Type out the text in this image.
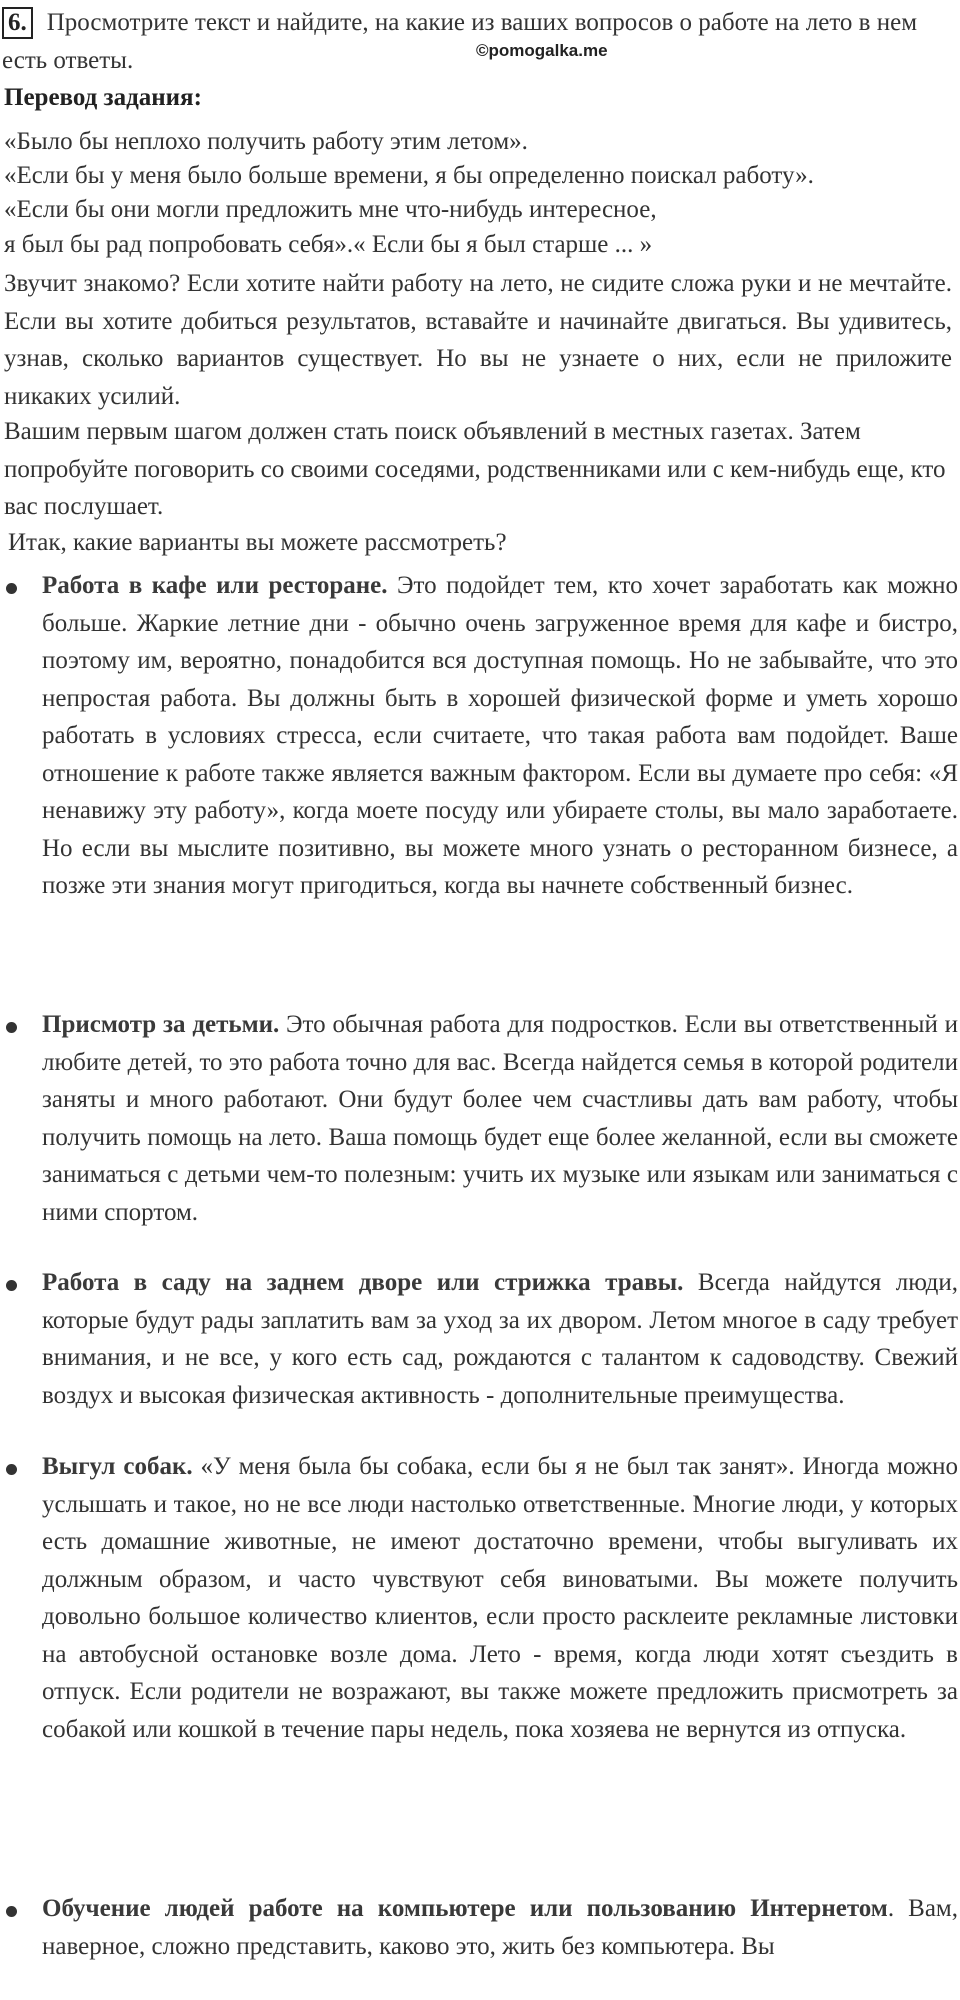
6. Просмотрите текст и найдите, на какие из ваших вопросов о работе на лето в нем есть ответы.	©pomogalka.me
Перевод задания:
«Было бы неплохо получить работу этим летом».
«Если бы у меня было больше времени, я бы определенно поискал работу».
«Если бы они могли предложить мне что-нибудь интересное,
я был бы рад попробовать себя».« Если бы я был старше ... »
Звучит знакомо? Если хотите найти работу на лето, не сидите сложа руки и не мечтайте. Если вы хотите добиться результатов, вставайте и начинайте двигаться. Вы удивитесь, узнав, сколько вариантов существует. Но вы не узнаете о них, если не приложите никаких усилий.
Вашим первым шагом должен стать поиск объявлений в местных газетах. Затем попробуйте поговорить со своими соседями, родственниками или с кем-нибудь еще, кто вас послушает.
Итак, какие варианты вы можете рассмотреть?
Работа в кафе или ресторане. Это подойдет тем, кто хочет заработать как можно больше. Жаркие летние дни - обычно очень загруженное время для кафе и бистро, поэтому им, вероятно, понадобится вся доступная помощь. Но не забывайте, что это непростая работа. Вы должны быть в хорошей физической форме и уметь хорошо работать в условиях стресса, если считаете, что такая работа вам подойдет. Ваше отношение к работе также является важным фактором. Если вы думаете про себя: «Я ненавижу эту работу», когда моете посуду или убираете столы, вы мало заработаете. Но если вы мыслите позитивно, вы можете много узнать о ресторанном бизнесе, а позже эти знания могут пригодиться, когда вы начнете собственный бизнес.
Присмотр за детьми. Это обычная работа для подростков. Если вы ответственный и любите детей, то это работа точно для вас. Всегда найдется семья в которой родители заняты и много работают. Они будут более чем счастливы дать вам работу, чтобы получить помощь на лето. Ваша помощь будет еще более желанной, если вы сможете заниматься с детьми чем-то полезным: учить их музыке или языкам или заниматься с ними спортом.
Работа в саду на заднем дворе или стрижка травы. Всегда найдутся люди, которые будут рады заплатить вам за уход за их двором. Летом многое в саду требует внимания, и не все, у кого есть сад, рождаются с талантом к садоводству. Свежий воздух и высокая физическая активность - дополнительные преимущества.
Выгул собак. «У меня была бы собака, если бы я не был так занят». Иногда можно услышать и такое, но не все люди настолько ответственные. Многие люди, у которых есть домашние животные, не имеют достаточно времени, чтобы выгуливать их должным образом, и часто чувствуют себя виноватыми. Вы можете получить довольно большое количество клиентов, если просто расклеите рекламные листовки на автобусной остановке возле дома. Лето - время, когда люди хотят съездить в отпуск. Если родители не возражают, вы также можете предложить присмотреть за собакой или кошкой в течение пары недель, пока хозяева не вернутся из отпуска.
Обучение людей работе на компьютере или пользованию Интернетом. Вам, наверное, сложно представить, каково это, жить без компьютера. Вы
